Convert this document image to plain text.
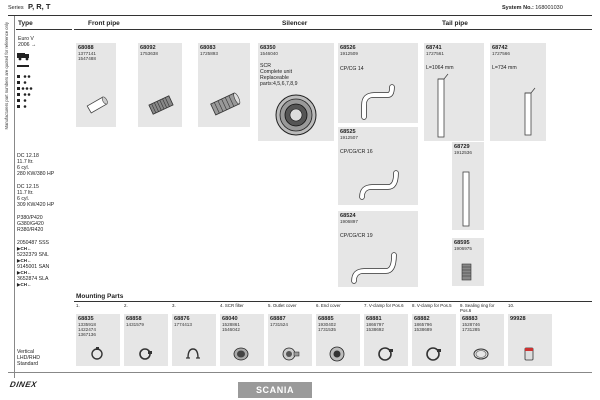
Series P, R, T	System No.: 168001030
Manufacturers part numbers are quoted for reference only Type
Euro V
2006 →
DC 12.18
11.7 ltr.
6 cyl.
280 KW/380 HP
DC 12.15
11.7 ltr.
6 cyl.
309 KW/420 HP
P380/P420
G380/G420
R380/R420
2050487 SSS
▶CH←
5232379 SNL
▶CH←
9145001 SAN
▶CH←
3652874 SLA
▶CH←
Vertical
LHD/RHD
Standard
Front pipe	Silencer	Tail pipe
68088
1377141
1547488
68092
1753638
68083
1725893
68350
1546040
SCR
Complete unit
Replaceable
parts:4,5,6,7,8,9
68526
1912509
CP/CG 14
68525
1912507
CP/CG/CR 16
68524
1906897
CP/CG/CR 19
68741
1727561
L=1064 mm
68742
1727566
L=734 mm
68729
1912536
68595
1906975
Mounting Parts
1.
68835
1335918
1422474
1367136
2.
68858
1431579
3.
68876
1774413
4. SCR filter
68040
1528861
1546042
5. Outlet cover
68887
1731524
6. End cover
68885
1930402
1731535
7. V-clamp for Pos.6
68881
1866797
1538692
8. V-clamp for Pos.5
68882
1865796
1538689
9. Sealing ring for Pos.6
68883
1528746
1731285
10.
99928
DINEX
SCANIA
